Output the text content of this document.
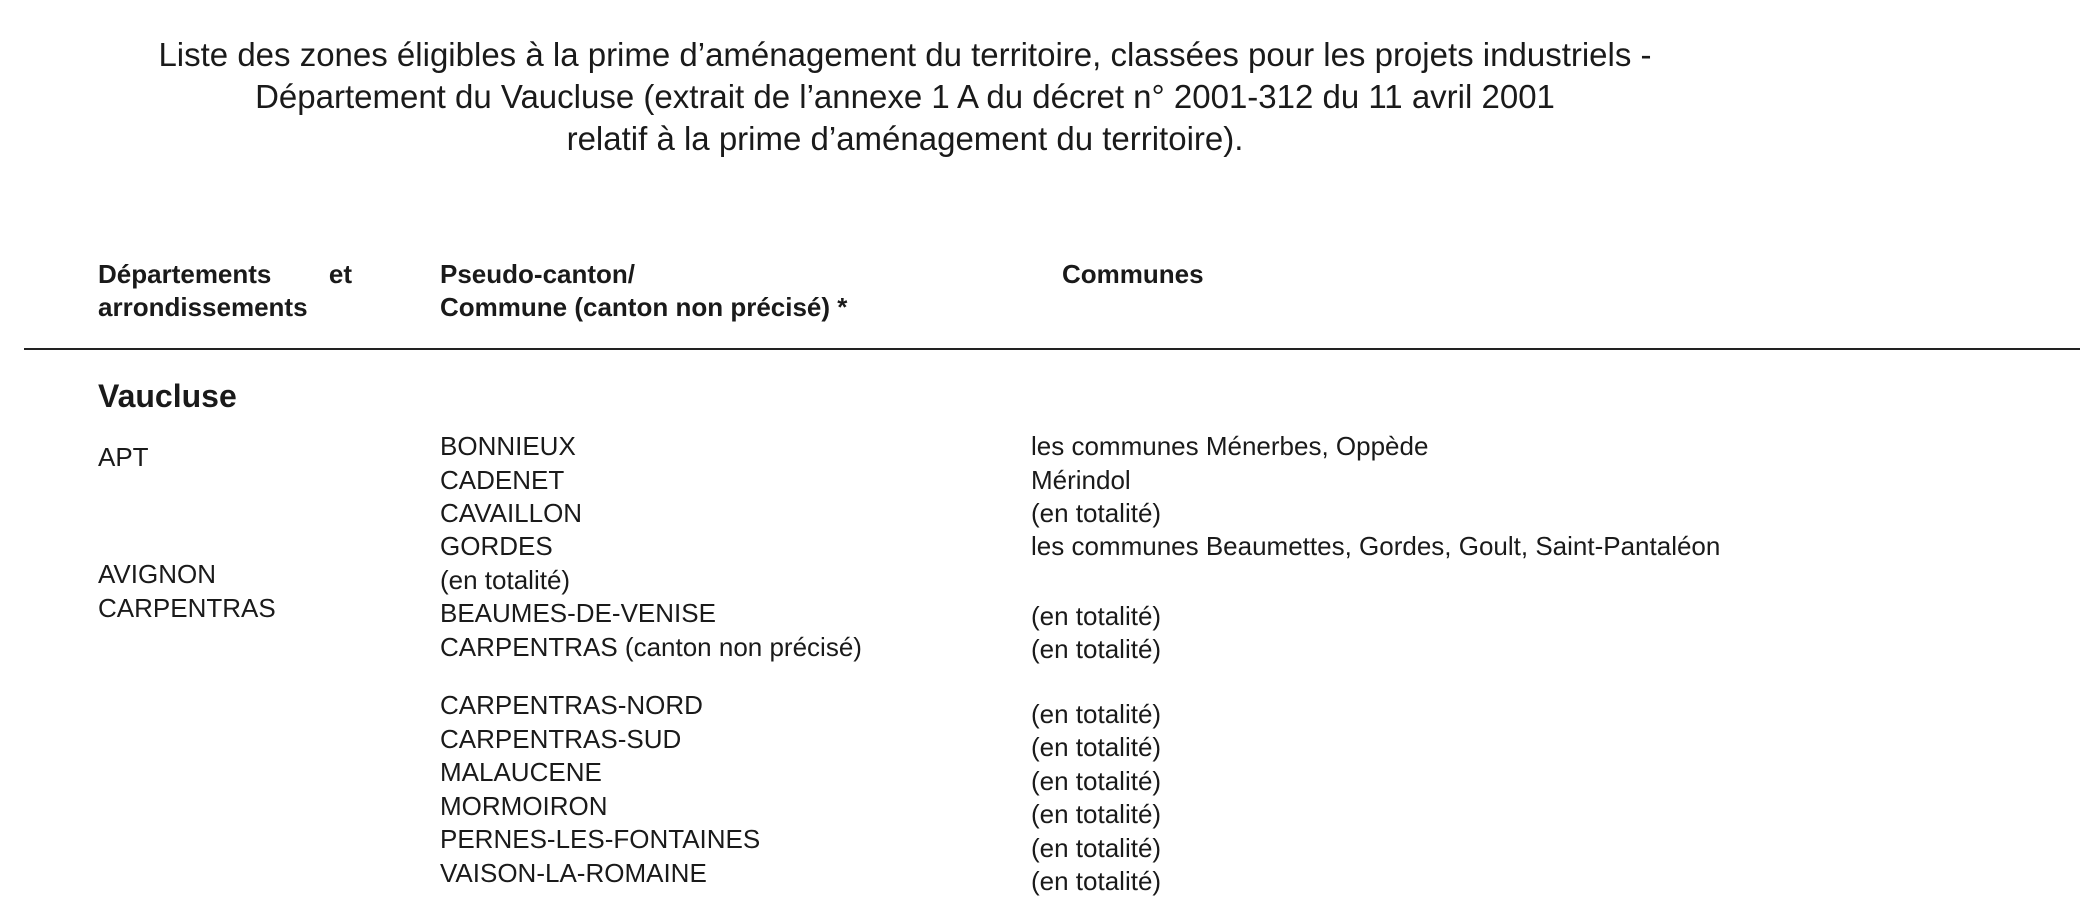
Liste des zones éligibles à la prime d’aménagement du territoire, classées pour les projets industriels -
Département du Vaucluse (extrait de l’annexe 1 A du décret n° 2001-312 du 11 avril 2001
relatif à la prime d’aménagement du territoire).
Départements et
arrondissements
Pseudo-canton/
Commune (canton non précisé) *
Communes
Vaucluse
APT
AVIGNON
CARPENTRAS
BONNIEUX
CADENET
CAVAILLON
GORDES
(en totalité)
BEAUMES-DE-VENISE
CARPENTRAS (canton non précisé)
CARPENTRAS-NORD
CARPENTRAS-SUD
MALAUCENE
MORMOIRON
PERNES-LES-FONTAINES
VAISON-LA-ROMAINE
les communes Ménerbes, Oppède
Mérindol
(en totalité)
les communes Beaumettes, Gordes, Goult, Saint-Pantaléon
(en totalité)
(en totalité)
(en totalité)
(en totalité)
(en totalité)
(en totalité)
(en totalité)
(en totalité)
